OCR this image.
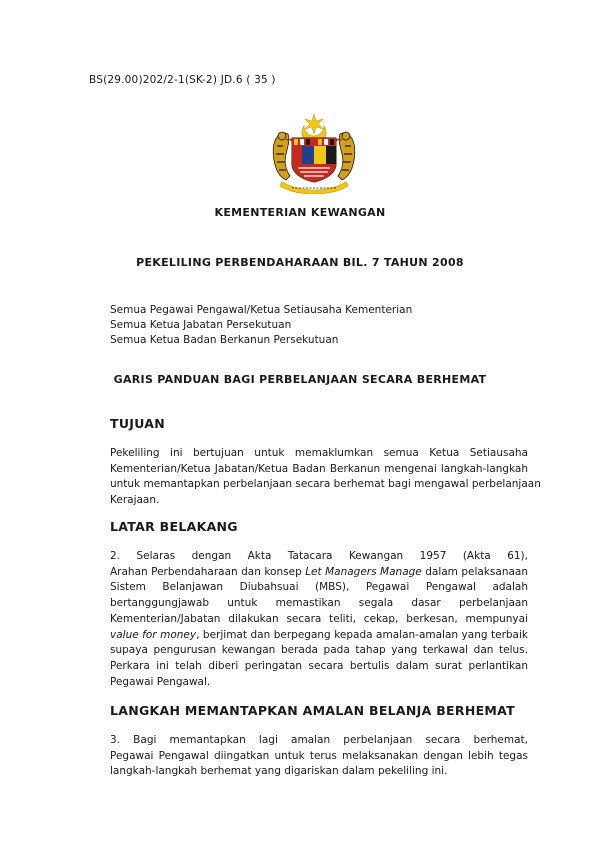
BS(29.00)202/2-1(SK-2) JD.6 ( 35 )
KEMENTERIAN KEWANGAN
PEKELILING PERBENDAHARAAN BIL. 7 TAHUN 2008
Semua Pegawai Pengawal/Ketua Setiausaha Kementerian
Semua Ketua Jabatan Persekutuan
Semua Ketua Badan Berkanun Persekutuan
GARIS PANDUAN BAGI PERBELANJAAN SECARA BERHEMAT
TUJUAN
Pekeliling ini bertujuan untuk memaklumkan semua Ketua Setiausaha
Kementerian/Ketua Jabatan/Ketua Badan Berkanun mengenai langkah-langkah
untuk memantapkan perbelanjaan secara berhemat bagi mengawal perbelanjaan
Kerajaan.
LATAR BELAKANG
2. Selaras dengan Akta Tatacara Kewangan 1957 (Akta 61),
Arahan Perbendaharaan dan konsep Let Managers Manage dalam pelaksanaan
Sistem Belanjawan Diubahsuai (MBS), Pegawai Pengawal adalah
bertanggungjawab untuk memastikan segala dasar perbelanjaan
Kementerian/Jabatan dilakukan secara teliti, cekap, berkesan, mempunyai
value for money, berjimat dan berpegang kepada amalan-amalan yang terbaik
supaya pengurusan kewangan berada pada tahap yang terkawal dan telus.
Perkara ini telah diberi peringatan secara bertulis dalam surat perlantikan
Pegawai Pengawal.
LANGKAH MEMANTAPKAN AMALAN BELANJA BERHEMAT
3. Bagi memantapkan lagi amalan perbelanjaan secara berhemat,
Pegawai Pengawal diingatkan untuk terus melaksanakan dengan lebih tegas
langkah-langkah berhemat yang digariskan dalam pekeliling ini.
